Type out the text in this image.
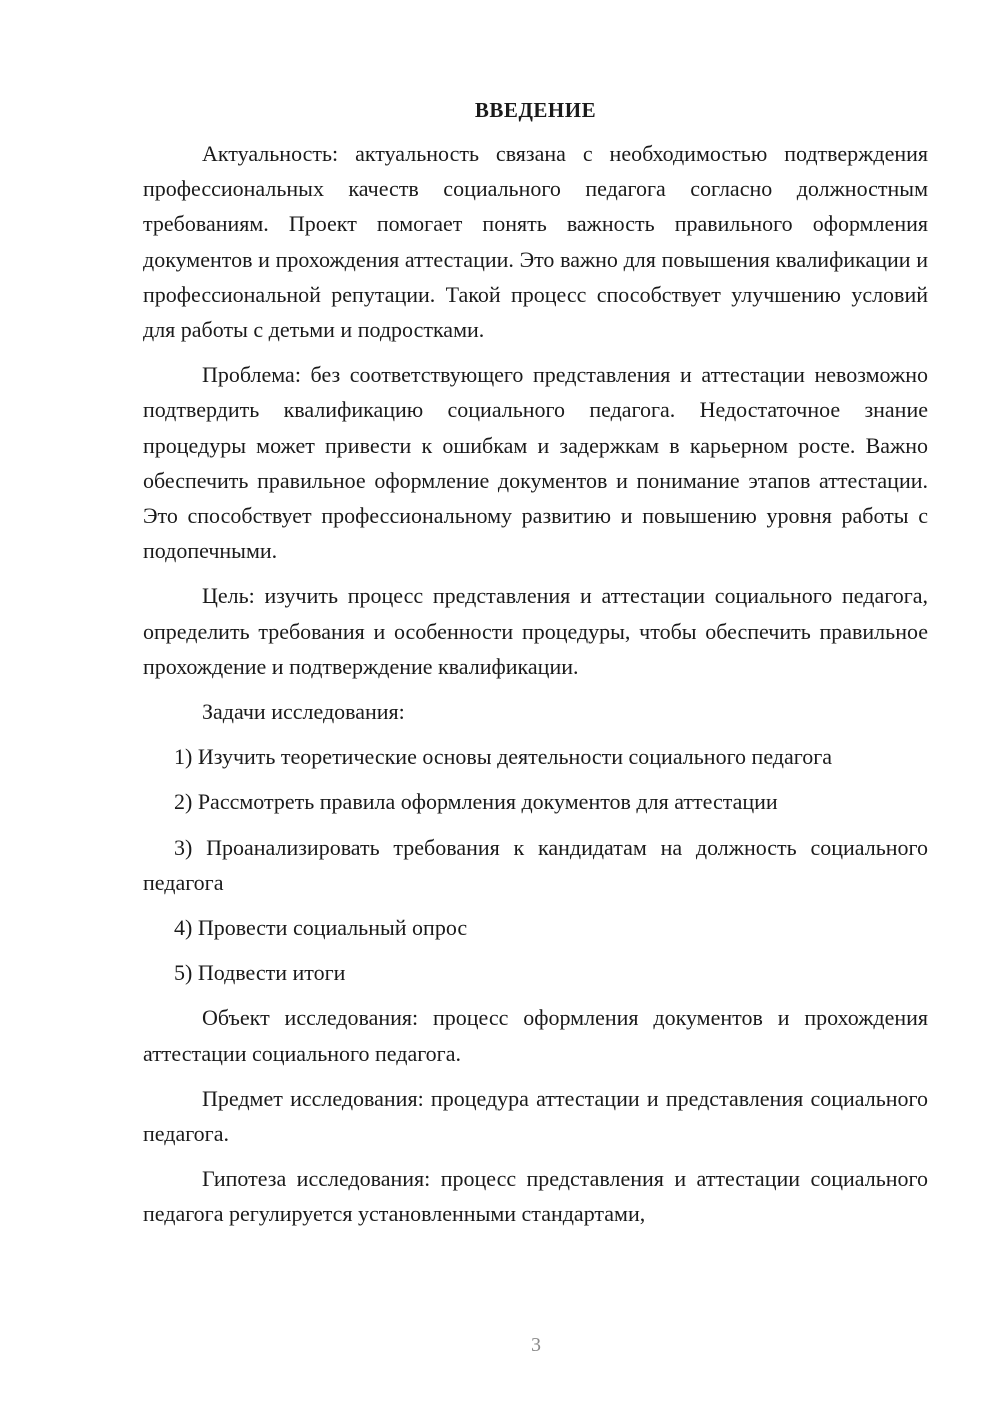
ВВЕДЕНИЕ

Актуальность: актуальность связана с необходимостью подтверждения профессиональных качеств социального педагога согласно должностным требованиям. Проект помогает понять важность правильного оформления документов и прохождения аттестации. Это важно для повышения квалификации и профессиональной репутации. Такой процесс способствует улучшению условий для работы с детьми и подростками.

Проблема: без соответствующего представления и аттестации невозможно подтвердить квалификацию социального педагога. Недостаточное знание процедуры может привести к ошибкам и задержкам в карьерном росте. Важно обеспечить правильное оформление документов и понимание этапов аттестации. Это способствует профессиональному развитию и повышению уровня работы с подопечными.

Цель: изучить процесс представления и аттестации социального педагога, определить требования и особенности процедуры, чтобы обеспечить правильное прохождение и подтверждение квалификации.

Задачи исследования:

1) Изучить теоретические основы деятельности социального педагога

2) Рассмотреть правила оформления документов для аттестации

3) Проанализировать требования к кандидатам на должность социального педагога

4) Провести социальный опрос

5) Подвести итоги

Объект исследования: процесс оформления документов и прохождения аттестации социального педагога.

Предмет исследования: процедура аттестации и представления социального педагога.

Гипотеза исследования: процесс представления и аттестации социального педагога регулируется установленными стандартами,

3
